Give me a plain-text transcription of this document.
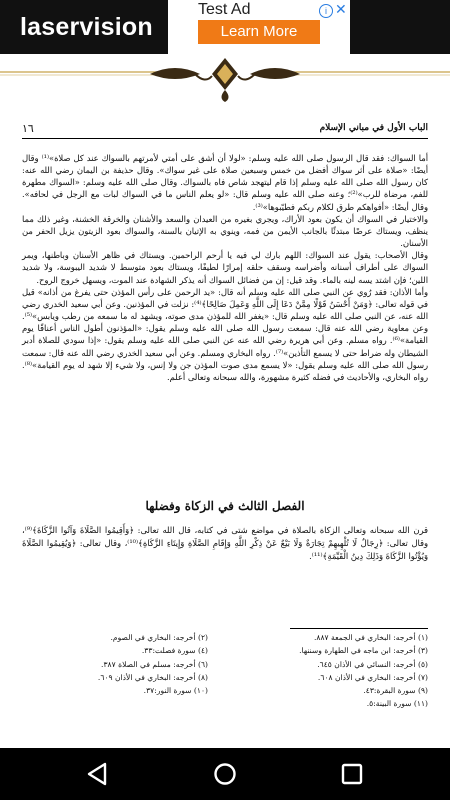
laservision
Test Ad
Learn More
i ✕
١٦	الباب الأول في مباني الإسلام

أما السواك: فقد قال الرسول صلى الله عليه وسلم: «لولا أن أشق على أمتي لأمرتهم بالسواك عند كل صلاة»⁽¹⁾ وقال أيضًا: «صلاة على أثر سواك أفضل من خمس وسبعين صلاة على غير سواك». وقال حذيفة بن اليمان رضي الله عنه: كان رسول الله صلى الله عليه وسلم إذا قام ليتهجد شاص فاه بالسواك. وقال صلى الله عليه وسلم: «السواك مطهرة للفم، مرضاة للرب»⁽²⁾؛ وعنه صلى الله عليه وسلم قال: «لو يعلم الناس ما في السواك لبات مع الرجل في لحافه». وقال أيضًا: «أفواهكم طرق لكلام ربكم فطيّبوها»⁽³⁾.

والاختيار في السواك أن يكون بعود الأراك، ويجري بغيره من العيدان والسعد والأشنان والخرقة الخشنة، وغير ذلك مما ينظف، ويستاك عرضًا مبتدئًا بالجانب الأيمن من فمه، وينوي به الإتيان بالسنة، والسواك بعود الزيتون يزيل الحفر من الأسنان.

وقال الأصحاب: يقول عند السواك: اللهم بارك لي فيه يا أرحم الراحمين. ويستاك في ظاهر الأسنان وباطنها، ويمر السواك على أطراف أسنانه وأضراسه وسقف حلقه إمرارًا لطيفًا، ويستاك بعود متوسط لا شديد اليبوسة، ولا شديد اللين؛ فإن اشتد يسه لينه بالماء. وقد قيل: إن من فضائل السواك أنه يذكر الشهادة عند الموت، ويسهل خروج الروح.

وأما الأذان: فقد رُوي عن النبي صلى الله عليه وسلم أنه قال: «يد الرحمن على رأس المؤذن حتى يفرغ من أذانه» قيل في قوله تعالى: ﴿وَمَنْ أَحْسَنُ قَوْلًا مِمَّنْ دَعَا إِلَى اللَّهِ وَعَمِلَ صَالِحًا﴾⁽⁴⁾: نزلت في المؤذنين. وعن أبي سعيد الخدري رضي الله عنه، عن النبي صلى الله عليه وسلم قال: «يغفر الله للمؤذن مدى صوته، ويشهد له ما سمعه من رطب ويابس»⁽⁵⁾. وعن معاوية رضي الله عنه قال: سمعت رسول الله صلى الله عليه وسلم يقول: «المؤذنون أطول الناس أعناقًا يوم القيامة»⁽⁶⁾. رواه مسلم. وعن أبي هريرة رضي الله عنه عن النبي صلى الله عليه وسلم يقول: «إذا سودي للصلاة أدبر الشيطان وله ضراط حتى لا يسمع التأذين»⁽⁷⁾. رواه البخاري ومسلم. وعن أبي سعيد الخدري رضي الله عنه قال: سمعت رسول الله صلى الله عليه وسلم يقول: «لا يسمع مدى صوت المؤذن جن ولا إنس، ولا شيء إلا شهد له يوم القيامة»⁽⁸⁾. رواه البخاري، والأحاديث في فضله كثيرة مشهورة، والله سبحانه وتعالى أعلم.

الفصل الثالث في الزكاة وفضلها

قرن الله سبحانه وتعالى الزكاة بالصلاة في مواضع شتى في كتابه، قال الله تعالى: ﴿وَأَقِيمُوا الصَّلَاةَ وَآتُوا الزَّكَاةَ﴾⁽⁹⁾، وقال تعالى: ﴿رِجَالٌ لَا تُلْهِيهِمْ تِجَارَةٌ وَلَا بَيْعٌ عَنْ ذِكْرِ اللَّهِ وَإِقَامِ الصَّلَاةِ وَإِيتَاءِ الزَّكَاةِ﴾⁽¹⁰⁾، وقال تعالى: ﴿وَيُقِيمُوا الصَّلَاةَ وَيُؤْتُوا الزَّكَاةَ وَذَلِكَ دِينُ الْقَيِّمَةِ﴾⁽¹¹⁾.

(١) أخرجه: البخاري في الجمعة ٨٨٧.
(٣) أخرجه: ابن ماجه في الطهارة وسننها.
(٥) أخرجه: النسائي في الأذان ٦٤٥.
(٧) أخرجه: البخاري في الأذان ٦٠٨.
(٩) سورة البقرة:٤٣.
(١١) سورة البينة:٥.
(٢) أخرجه: البخاري في الصوم.
(٤) سورة فصلت:٣٣.
(٦) أخرجه: مسلم في الصلاة ٣٨٧.
(٨) أخرجه: البخاري في الأذان ٦٠٩.
(١٠) سورة النور:٣٧.
